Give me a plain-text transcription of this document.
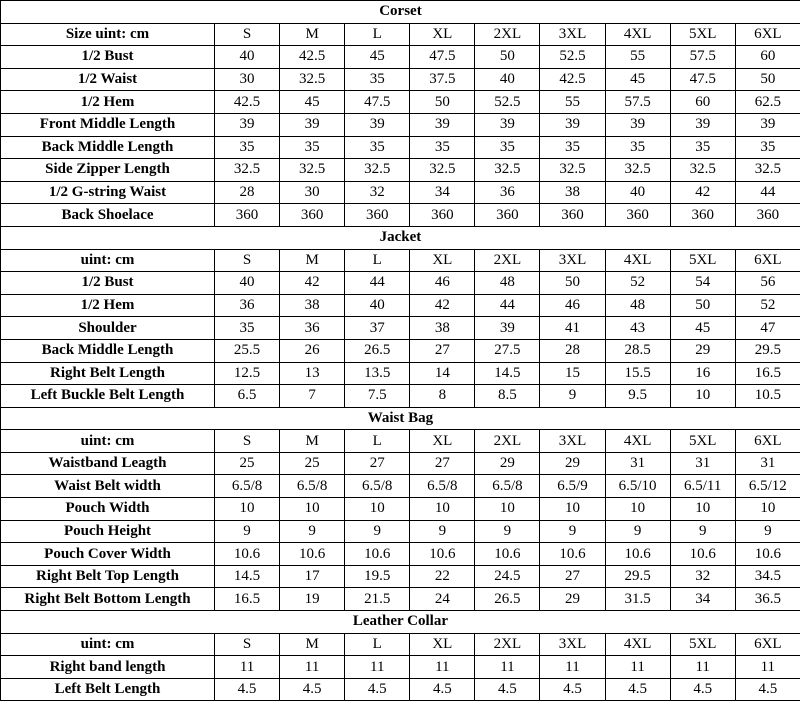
Corset									
Size uint: cm	S	M	L	XL	2XL	3XL	4XL	5XL	6XL
1/2 Bust	40	42.5	45	47.5	50	52.5	55	57.5	60
1/2 Waist	30	32.5	35	37.5	40	42.5	45	47.5	50
1/2 Hem	42.5	45	47.5	50	52.5	55	57.5	60	62.5
Front Middle Length	39	39	39	39	39	39	39	39	39
Back Middle Length	35	35	35	35	35	35	35	35	35
Side Zipper Length	32.5	32.5	32.5	32.5	32.5	32.5	32.5	32.5	32.5
1/2 G-string Waist	28	30	32	34	36	38	40	42	44
Back Shoelace	360	360	360	360	360	360	360	360	360
Jacket									
uint: cm	S	M	L	XL	2XL	3XL	4XL	5XL	6XL
1/2 Bust	40	42	44	46	48	50	52	54	56
1/2 Hem	36	38	40	42	44	46	48	50	52
Shoulder	35	36	37	38	39	41	43	45	47
Back Middle Length	25.5	26	26.5	27	27.5	28	28.5	29	29.5
Right Belt Length	12.5	13	13.5	14	14.5	15	15.5	16	16.5
Left Buckle Belt Length	6.5	7	7.5	8	8.5	9	9.5	10	10.5
Waist Bag									
uint: cm	S	M	L	XL	2XL	3XL	4XL	5XL	6XL
Waistband Leagth	25	25	27	27	29	29	31	31	31
Waist Belt width	6.5/8	6.5/8	6.5/8	6.5/8	6.5/8	6.5/9	6.5/10	6.5/11	6.5/12
Pouch Width	10	10	10	10	10	10	10	10	10
Pouch Height	9	9	9	9	9	9	9	9	9
Pouch Cover Width	10.6	10.6	10.6	10.6	10.6	10.6	10.6	10.6	10.6
Right Belt Top Length	14.5	17	19.5	22	24.5	27	29.5	32	34.5
Right Belt Bottom Length	16.5	19	21.5	24	26.5	29	31.5	34	36.5
Leather Collar									
uint: cm	S	M	L	XL	2XL	3XL	4XL	5XL	6XL
Right band length	11	11	11	11	11	11	11	11	11
Left Belt Length	4.5	4.5	4.5	4.5	4.5	4.5	4.5	4.5	4.5
